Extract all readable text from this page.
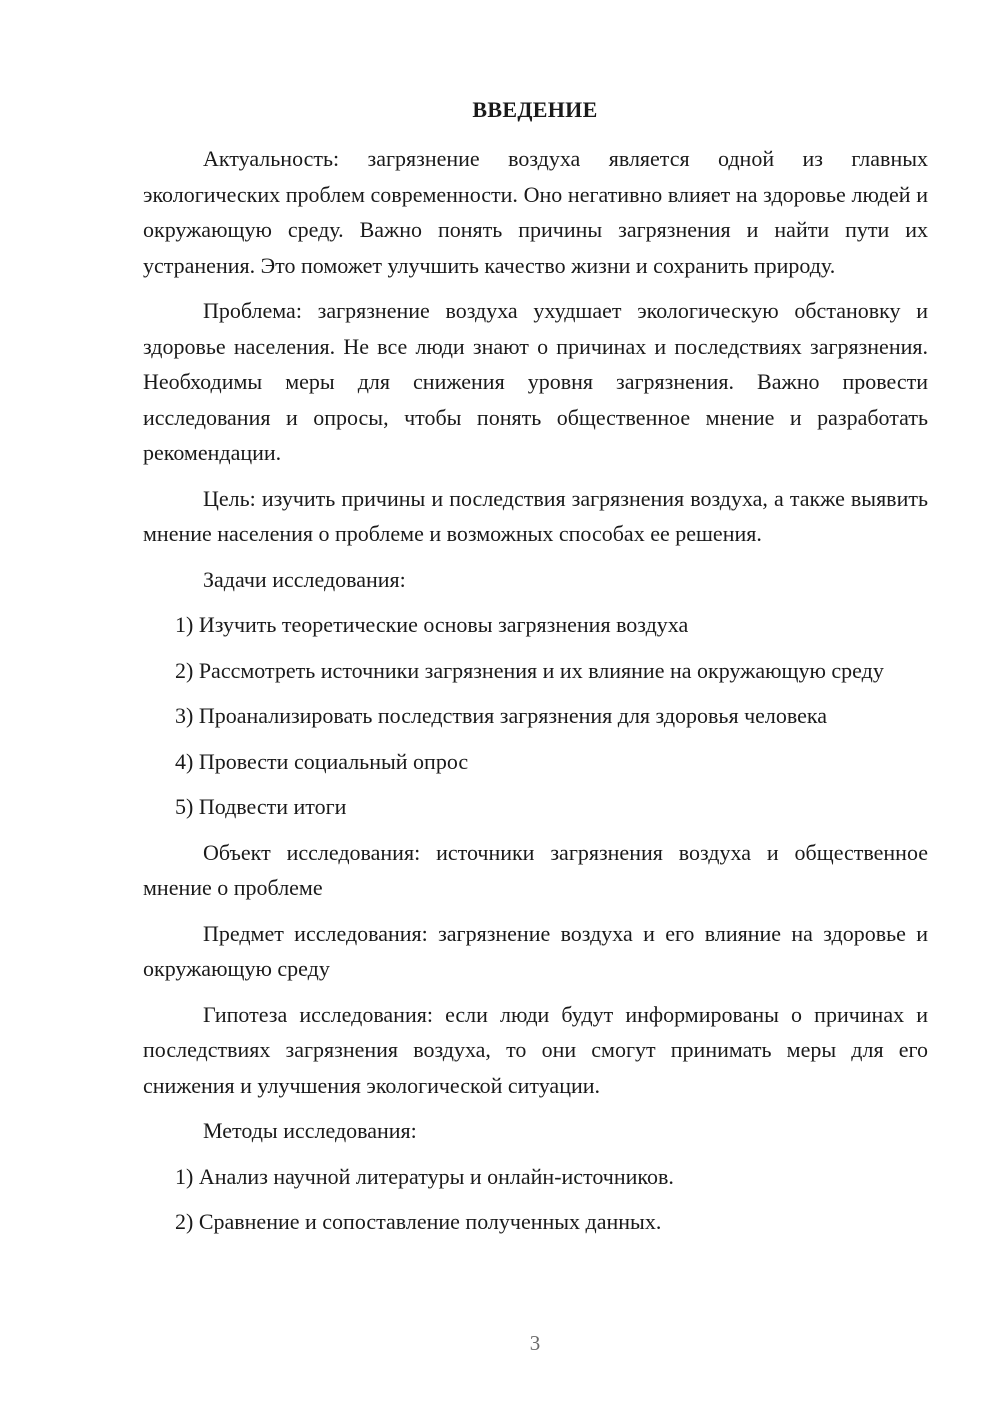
ВВЕДЕНИЕ

Актуальность: загрязнение воздуха является одной из главных экологических проблем современности. Оно негативно влияет на здоровье людей и окружающую среду. Важно понять причины загрязнения и найти пути их устранения. Это поможет улучшить качество жизни и сохранить природу.

Проблема: загрязнение воздуха ухудшает экологическую обстановку и здоровье населения. Не все люди знают о причинах и последствиях загрязнения. Необходимы меры для снижения уровня загрязнения. Важно провести исследования и опросы, чтобы понять общественное мнение и разработать рекомендации.

Цель: изучить причины и последствия загрязнения воздуха, а также выявить мнение населения о проблеме и возможных способах ее решения.

Задачи исследования:

1) Изучить теоретические основы загрязнения воздуха

2) Рассмотреть источники загрязнения и их влияние на окружающую среду

3) Проанализировать последствия загрязнения для здоровья человека

4) Провести социальный опрос

5) Подвести итоги

Объект исследования: источники загрязнения воздуха и общественное мнение о проблеме

Предмет исследования: загрязнение воздуха и его влияние на здоровье и окружающую среду

Гипотеза исследования: если люди будут информированы о причинах и последствиях загрязнения воздуха, то они смогут принимать меры для его снижения и улучшения экологической ситуации.

Методы исследования:

1) Анализ научной литературы и онлайн-источников.

2) Сравнение и сопоставление полученных данных.

3
